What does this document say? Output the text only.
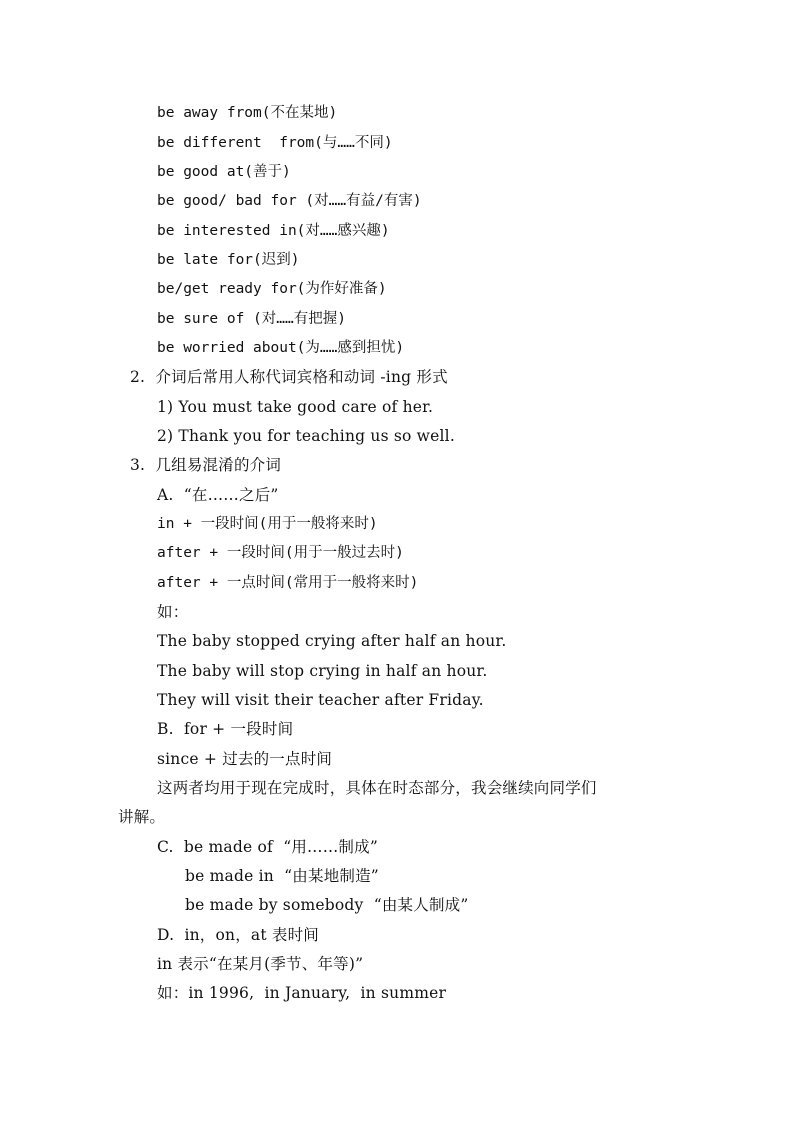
be away from(不在某地)
be different  from(与……不同)
be good at(善于)
be good/ bad for (对……有益/有害)
be interested in(对……感兴趣)
be late for(迟到)
be/get ready for(为作好准备)
be sure of (对……有把握)
be worried about(为……感到担忧)
2.  介词后常用人称代词宾格和动词 -ing 形式
1) You must take good care of her.
2) Thank you for teaching us so well.
3.  几组易混淆的介词
A.  “在……之后”
in + 一段时间(用于一般将来时)
after + 一段时间(用于一般过去时)
after + 一点时间(常用于一般将来时)
如：
The baby stopped crying after half an hour.
The baby will stop crying in half an hour.
They will visit their teacher after Friday.
B.  for + 一段时间
since + 过去的一点时间
这两者均用于现在完成时，具体在时态部分，我会继续向同学们
讲解。
C.  be made of  “用……制成”
be made in  “由某地制造”
be made by somebody  “由某人制成”
D.  in，on，at 表时间
in 表示“在某月(季节、年等)”
如：in 1996,  in January,  in summer
